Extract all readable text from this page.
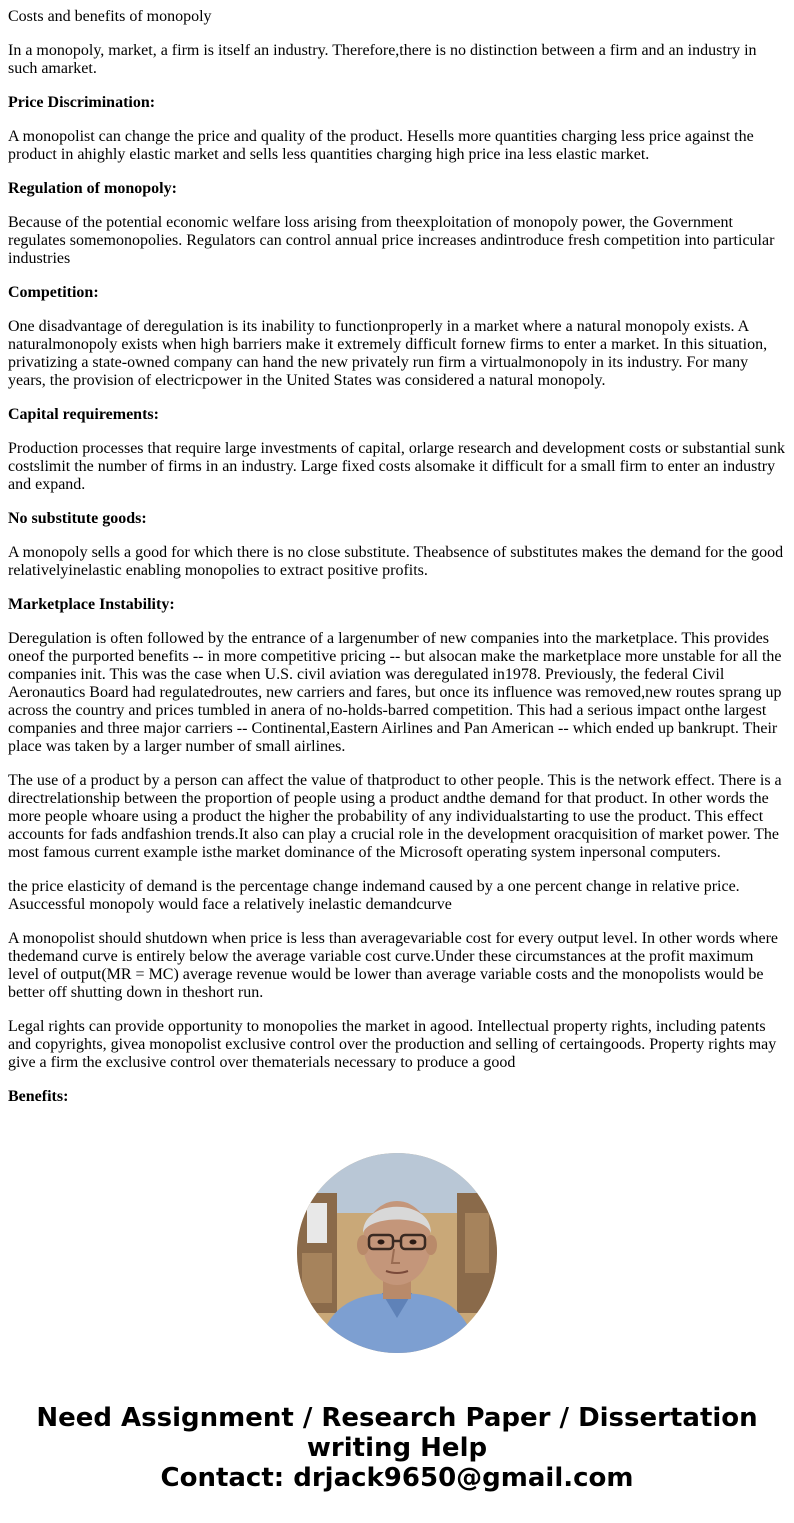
Costs and benefits of monopoly

In a monopoly, market, a firm is itself an industry. Therefore,there is no distinction between a firm and an industry in such amarket.

Price Discrimination:

A monopolist can change the price and quality of the product. Hesells more quantities charging less price against the product in ahighly elastic market and sells less quantities charging high price ina less elastic market.

Regulation of monopoly:

Because of the potential economic welfare loss arising from theexploitation of monopoly power, the Government regulates somemonopolies. Regulators can control annual price increases andintroduce fresh competition into particular industries

Competition:

One disadvantage of deregulation is its inability to functionproperly in a market where a natural monopoly exists. A naturalmonopoly exists when high barriers make it extremely difficult fornew firms to enter a market. In this situation, privatizing a state-owned company can hand the new privately run firm a virtualmonopoly in its industry. For many years, the provision of electricpower in the United States was considered a natural monopoly.

Capital requirements:

Production processes that require large investments of capital, orlarge research and development costs or substantial sunk costslimit the number of firms in an industry. Large fixed costs alsomake it difficult for a small firm to enter an industry and expand.

No substitute goods:

A monopoly sells a good for which there is no close substitute. Theabsence of substitutes makes the demand for the good relativelyinelastic enabling monopolies to extract positive profits.

Marketplace Instability:

Deregulation is often followed by the entrance of a largenumber of new companies into the marketplace. This provides oneof the purported benefits -- in more competitive pricing -- but alsocan make the marketplace more unstable for all the companies init. This was the case when U.S. civil aviation was deregulated in1978. Previously, the federal Civil Aeronautics Board had regulatedroutes, new carriers and fares, but once its influence was removed,new routes sprang up across the country and prices tumbled in anera of no-holds-barred competition. This had a serious impact onthe largest companies and three major carriers -- Continental,Eastern Airlines and Pan American -- which ended up bankrupt. Their place was taken by a larger number of small airlines.

The use of a product by a person can affect the value of thatproduct to other people. This is the network effect. There is a directrelationship between the proportion of people using a product andthe demand for that product. In other words the more people whoare using a product the higher the probability of any individualstarting to use the product. This effect accounts for fads andfashion trends.It also can play a crucial role in the development oracquisition of market power. The most famous current example isthe market dominance of the Microsoft operating system inpersonal computers.

the price elasticity of demand is the percentage change indemand caused by a one percent change in relative price. Asuccessful monopoly would face a relatively inelastic demandcurve

A monopolist should shutdown when price is less than averagevariable cost for every output level. In other words where thedemand curve is entirely below the average variable cost curve.Under these circumstances at the profit maximum level of output(MR = MC) average revenue would be lower than average variable costs and the monopolists would be better off shutting down in theshort run.

Legal rights can provide opportunity to monopolies the market in agood. Intellectual property rights, including patents and copyrights, givea monopolist exclusive control over the production and selling of certaingoods. Property rights may give a firm the exclusive control over thematerials necessary to produce a good

Benefits:

Need Assignment / Research Paper / Dissertation writing Help
Contact: drjack9650@gmail.com
